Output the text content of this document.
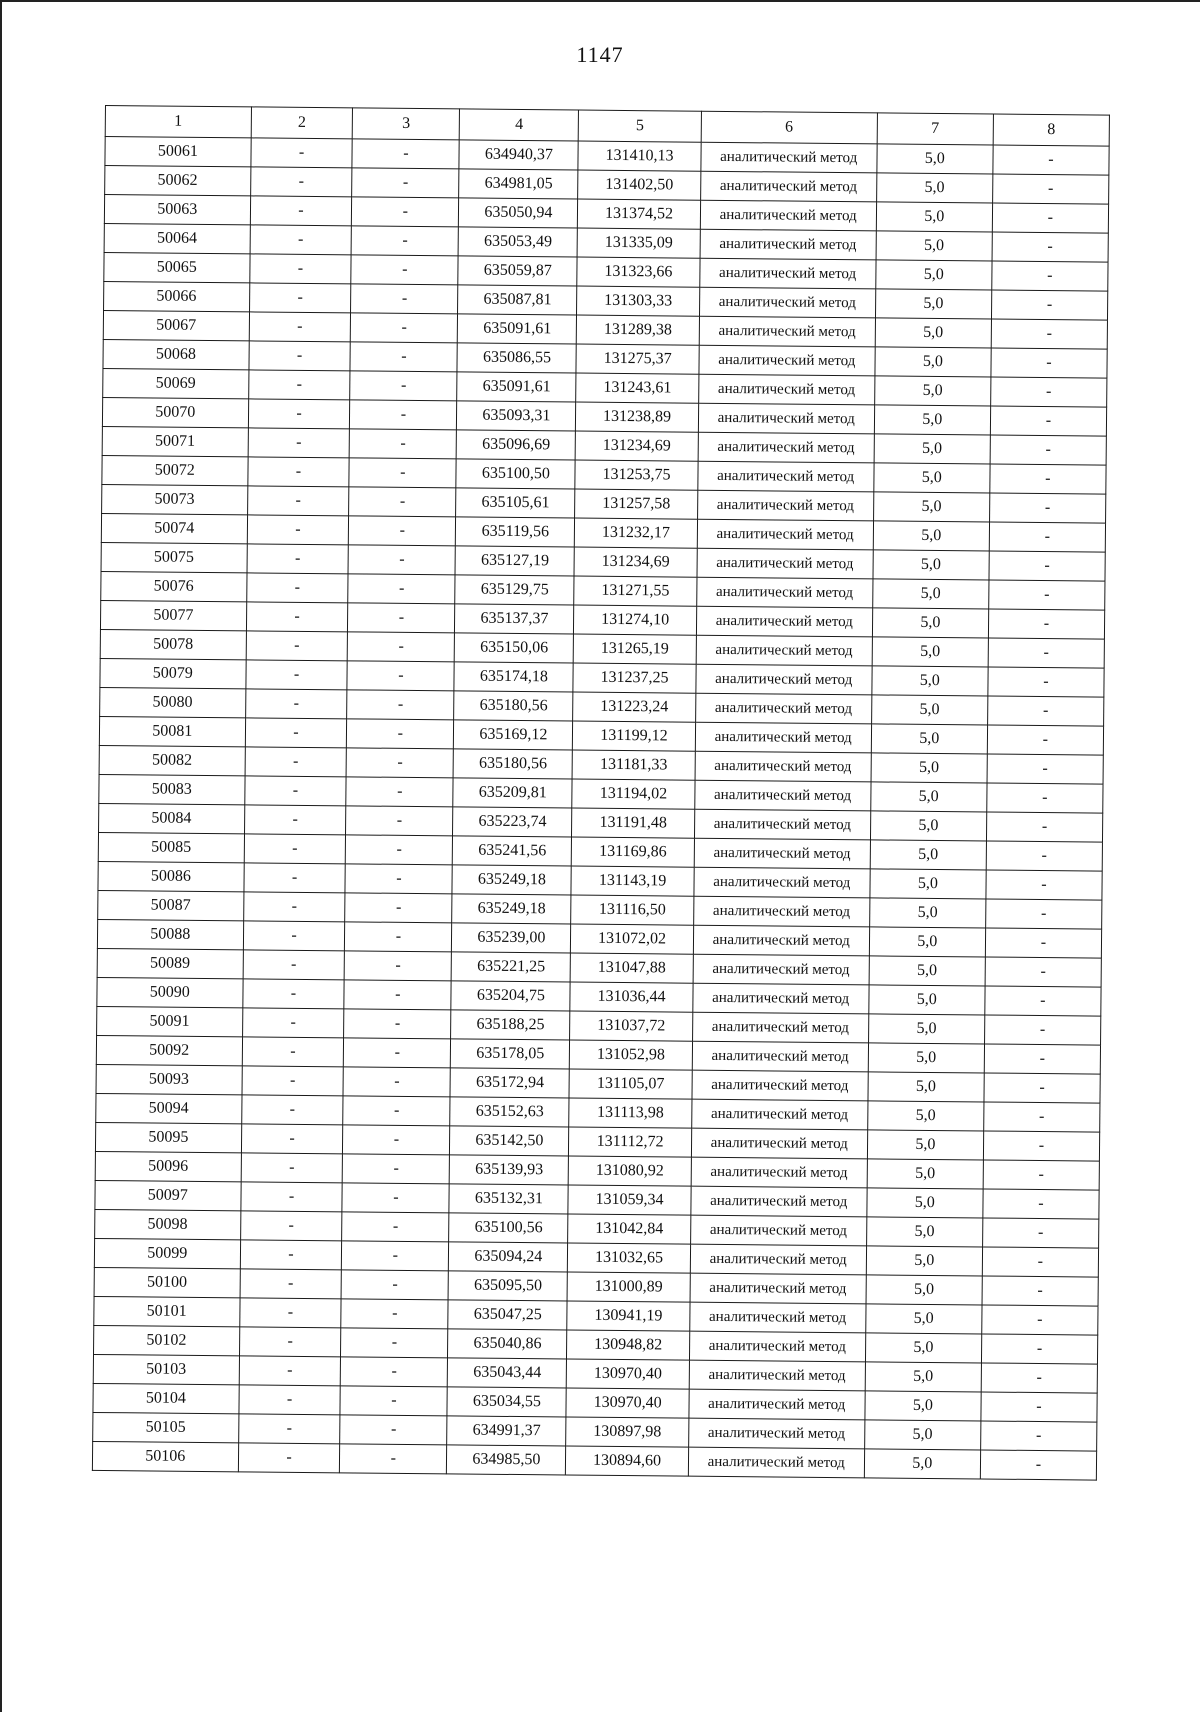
1147
1	2	3	4	5	6	7	8
50061	-	-	634940,37	131410,13	аналитический метод	5,0	-
50062	-	-	634981,05	131402,50	аналитический метод	5,0	-
50063	-	-	635050,94	131374,52	аналитический метод	5,0	-
50064	-	-	635053,49	131335,09	аналитический метод	5,0	-
50065	-	-	635059,87	131323,66	аналитический метод	5,0	-
50066	-	-	635087,81	131303,33	аналитический метод	5,0	-
50067	-	-	635091,61	131289,38	аналитический метод	5,0	-
50068	-	-	635086,55	131275,37	аналитический метод	5,0	-
50069	-	-	635091,61	131243,61	аналитический метод	5,0	-
50070	-	-	635093,31	131238,89	аналитический метод	5,0	-
50071	-	-	635096,69	131234,69	аналитический метод	5,0	-
50072	-	-	635100,50	131253,75	аналитический метод	5,0	-
50073	-	-	635105,61	131257,58	аналитический метод	5,0	-
50074	-	-	635119,56	131232,17	аналитический метод	5,0	-
50075	-	-	635127,19	131234,69	аналитический метод	5,0	-
50076	-	-	635129,75	131271,55	аналитический метод	5,0	-
50077	-	-	635137,37	131274,10	аналитический метод	5,0	-
50078	-	-	635150,06	131265,19	аналитический метод	5,0	-
50079	-	-	635174,18	131237,25	аналитический метод	5,0	-
50080	-	-	635180,56	131223,24	аналитический метод	5,0	-
50081	-	-	635169,12	131199,12	аналитический метод	5,0	-
50082	-	-	635180,56	131181,33	аналитический метод	5,0	-
50083	-	-	635209,81	131194,02	аналитический метод	5,0	-
50084	-	-	635223,74	131191,48	аналитический метод	5,0	-
50085	-	-	635241,56	131169,86	аналитический метод	5,0	-
50086	-	-	635249,18	131143,19	аналитический метод	5,0	-
50087	-	-	635249,18	131116,50	аналитический метод	5,0	-
50088	-	-	635239,00	131072,02	аналитический метод	5,0	-
50089	-	-	635221,25	131047,88	аналитический метод	5,0	-
50090	-	-	635204,75	131036,44	аналитический метод	5,0	-
50091	-	-	635188,25	131037,72	аналитический метод	5,0	-
50092	-	-	635178,05	131052,98	аналитический метод	5,0	-
50093	-	-	635172,94	131105,07	аналитический метод	5,0	-
50094	-	-	635152,63	131113,98	аналитический метод	5,0	-
50095	-	-	635142,50	131112,72	аналитический метод	5,0	-
50096	-	-	635139,93	131080,92	аналитический метод	5,0	-
50097	-	-	635132,31	131059,34	аналитический метод	5,0	-
50098	-	-	635100,56	131042,84	аналитический метод	5,0	-
50099	-	-	635094,24	131032,65	аналитический метод	5,0	-
50100	-	-	635095,50	131000,89	аналитический метод	5,0	-
50101	-	-	635047,25	130941,19	аналитический метод	5,0	-
50102	-	-	635040,86	130948,82	аналитический метод	5,0	-
50103	-	-	635043,44	130970,40	аналитический метод	5,0	-
50104	-	-	635034,55	130970,40	аналитический метод	5,0	-
50105	-	-	634991,37	130897,98	аналитический метод	5,0	-
50106	-	-	634985,50	130894,60	аналитический метод	5,0	-
